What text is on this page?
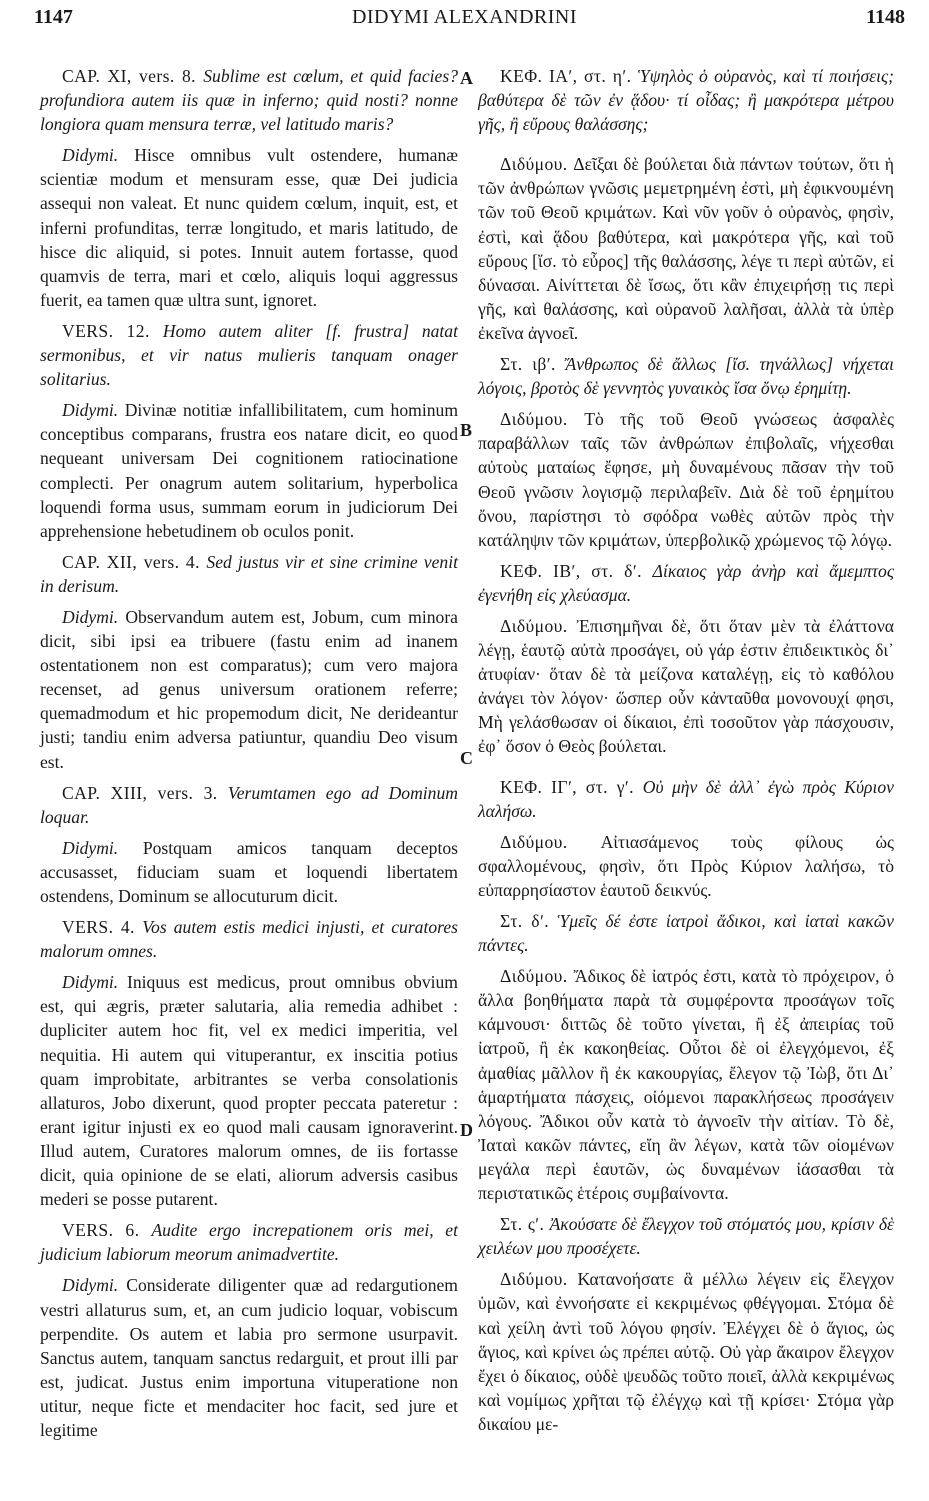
1147	DIDYMI ALEXANDRINI	1148
A
B
C
D

CAP. XI, vers. 8. Sublime est cœlum, et quid facies? profundiora autem iis quæ in inferno; quid nosti? nonne longiora quam mensura terræ, vel latitudo maris?

Didymi. Hisce omnibus vult ostendere, humanæ scientiæ modum et mensuram esse, quæ Dei judicia assequi non valeat. Et nunc quidem cœlum, inquit, est, et inferni profunditas, terræ longitudo, et maris latitudo, de hisce dic aliquid, si potes. Innuit autem fortasse, quod quamvis de terra, mari et cœlo, aliquis loqui aggressus fuerit, ea tamen quæ ultra sunt, ignoret.

VERS. 12. Homo autem aliter [f. frustra] natat sermonibus, et vir natus mulieris tanquam onager solitarius.

Didymi. Divinæ notitiæ infallibilitatem, cum hominum conceptibus comparans, frustra eos natare dicit, eo quod nequeant universam Dei cognitionem ratiocinatione complecti. Per onagrum autem solitarium, hyperbolica loquendi forma usus, summam eorum in judiciorum Dei apprehensione hebetudinem ob oculos ponit.

CAP. XII, vers. 4. Sed justus vir et sine crimine venit in derisum.

Didymi. Observandum autem est, Jobum, cum minora dicit, sibi ipsi ea tribuere (fastu enim ad inanem ostentationem non est comparatus); cum vero majora recenset, ad genus universum orationem referre; quemadmodum et hic propemodum dicit, Ne derideantur justi; tandiu enim adversa patiuntur, quandiu Deo visum est.

CAP. XIII, vers. 3. Verumtamen ego ad Dominum loquar.

Didymi. Postquam amicos tanquam deceptos accusasset, fiduciam suam et loquendi libertatem ostendens, Dominum se allocuturum dicit.

VERS. 4. Vos autem estis medici injusti, et curatores malorum omnes.

Didymi. Iniquus est medicus, prout omnibus obvium est, qui ægris, præter salutaria, alia remedia adhibet : dupliciter autem hoc fit, vel ex medici imperitia, vel nequitia. Hi autem qui vituperantur, ex inscitia potius quam improbitate, arbitrantes se verba consolationis allaturos, Jobo dixerunt, quod propter peccata pateretur : erant igitur injusti ex eo quod mali causam ignoraverint. Illud autem, Curatores malorum omnes, de iis fortasse dicit, quia opinione de se elati, aliorum adversis casibus mederi se posse putarent.

VERS. 6. Audite ergo increpationem oris mei, et judicium labiorum meorum animadvertite.

Didymi. Considerate diligenter quæ ad redargutionem vestri allaturus sum, et, an cum judicio loquar, vobiscum perpendite. Os autem et labia pro sermone usurpavit. Sanctus autem, tanquam sanctus redarguit, et prout illi par est, judicat. Justus enim importuna vituperatione non utitur, neque ficte et mendaciter hoc facit, sed jure et legitime

ΚΕΦ. ΙΑʹ, στ. ηʹ. Ὑψηλὸς ὁ οὐρανὸς, καὶ τί ποιήσεις; βαθύτερα δὲ τῶν ἐν ᾅδου· τί οἶδας; ἢ μακρότερα μέτρου γῆς, ἢ εὔρους θαλάσσης;

Διδύμου. Δεῖξαι δὲ βούλεται διὰ πάντων τούτων, ὅτι ἡ τῶν ἀνθρώπων γνῶσις μεμετρημένη ἐστὶ, μὴ ἐφικνουμένη τῶν τοῦ Θεοῦ κριμάτων. Καὶ νῦν γοῦν ὁ οὐρανὸς, φησὶν, ἐστὶ, καὶ ᾅδου βαθύτερα, καὶ μακρότερα γῆς, καὶ τοῦ εὔρους [ἴσ. τὸ εὖρος] τῆς θαλάσσης, λέγε τι περὶ αὐτῶν, εἰ δύνασαι. Αἰνίττεται δὲ ἴσως, ὅτι κἂν ἐπιχειρήσῃ τις περὶ γῆς, καὶ θαλάσσης, καὶ οὐρανοῦ λαλῆσαι, ἀλλὰ τὰ ὑπὲρ ἐκεῖνα ἀγνοεῖ.

Στ. ιβʹ. Ἄνθρωπος δὲ ἄλλως [ἴσ. τηνάλλως] νήχεται λόγοις, βροτὸς δὲ γεννητὸς γυναικὸς ἴσα ὄνῳ ἐρημίτῃ.

Διδύμου. Τὸ τῆς τοῦ Θεοῦ γνώσεως ἀσφαλὲς παραβάλλων ταῖς τῶν ἀνθρώπων ἐπιβολαῖς, νήχεσθαι αὐτοὺς ματαίως ἔφησε, μὴ δυναμένους πᾶσαν τὴν τοῦ Θεοῦ γνῶσιν λογισμῷ περιλαβεῖν. Διὰ δὲ τοῦ ἐρημίτου ὄνου, παρίστησι τὸ σφόδρα νωθὲς αὐτῶν πρὸς τὴν κατάληψιν τῶν κριμάτων, ὑπερβολικῷ χρώμενος τῷ λόγῳ.

ΚΕΦ. ΙΒʹ, στ. δʹ. Δίκαιος γὰρ ἀνὴρ καὶ ἄμεμπτος ἐγενήθη εἰς χλεύασμα.

Διδύμου. Ἐπισημῆναι δὲ, ὅτι ὅταν μὲν τὰ ἐλάττονα λέγῃ, ἑαυτῷ αὐτὰ προσάγει, οὐ γάρ ἐστιν ἐπιδεικτικὸς δι᾽ ἀτυφίαν· ὅταν δὲ τὰ μείζονα καταλέγῃ, εἰς τὸ καθόλου ἀνάγει τὸν λόγον· ὥσπερ οὖν κἀνταῦθα μονονουχί φησι, Μὴ γελάσθωσαν οἱ δίκαιοι, ἐπὶ τοσοῦτον γὰρ πάσχουσιν, ἐφ᾽ ὅσον ὁ Θεὸς βούλεται.

ΚΕΦ. ΙΓʹ, στ. γʹ. Οὐ μὴν δὲ ἀλλ᾽ ἐγὼ πρὸς Κύριον λαλήσω.

Διδύμου. Αἰτιασάμενος τοὺς φίλους ὡς σφαλλομένους, φησὶν, ὅτι Πρὸς Κύριον λαλήσω, τὸ εὐπαρρησίαστον ἑαυτοῦ δεικνύς.

Στ. δʹ. Ὑμεῖς δέ ἐστε ἰατροὶ ἄδικοι, καὶ ἰαταὶ κακῶν πάντες.

Διδύμου. Ἄδικος δὲ ἰατρός ἐστι, κατὰ τὸ πρόχειρον, ὁ ἄλλα βοηθήματα παρὰ τὰ συμφέροντα προσάγων τοῖς κάμνουσι· διττῶς δὲ τοῦτο γίνεται, ἢ ἐξ ἀπειρίας τοῦ ἰατροῦ, ἢ ἐκ κακοηθείας. Οὗτοι δὲ οἱ ἐλεγχόμενοι, ἐξ ἀμαθίας μᾶλλον ἢ ἐκ κακουργίας, ἔλεγον τῷ Ἰὼβ, ὅτι Δι᾽ ἁμαρτήματα πάσχεις, οἰόμενοι παρακλήσεως προσάγειν λόγους. Ἄδικοι οὖν κατὰ τὸ ἀγνοεῖν τὴν αἰτίαν. Τὸ δὲ, Ἰαταὶ κακῶν πάντες, εἴη ἂν λέγων, κατὰ τῶν οἰομένων μεγάλα περὶ ἑαυτῶν, ὡς δυναμένων ἰάσασθαι τὰ περιστατικῶς ἑτέροις συμβαίνοντα.

Στ. ςʹ. Ἀκούσατε δὲ ἔλεγχον τοῦ στόματός μου, κρίσιν δὲ χειλέων μου προσέχετε.

Διδύμου. Κατανοήσατε ἃ μέλλω λέγειν εἰς ἔλεγχον ὑμῶν, καὶ ἐννοήσατε εἰ κεκριμένως φθέγγομαι. Στόμα δὲ καὶ χείλη ἀντὶ τοῦ λόγου φησίν. Ἐλέγχει δὲ ὁ ἅγιος, ὡς ἅγιος, καὶ κρίνει ὡς πρέπει αὐτῷ. Οὐ γὰρ ἄκαιρον ἔλεγχον ἔχει ὁ δίκαιος, οὐδὲ ψευδῶς τοῦτο ποιεῖ, ἀλλὰ κεκριμένως καὶ νομίμως χρῆται τῷ ἐλέγχῳ καὶ τῇ κρίσει· Στόμα γὰρ δικαίου με-
